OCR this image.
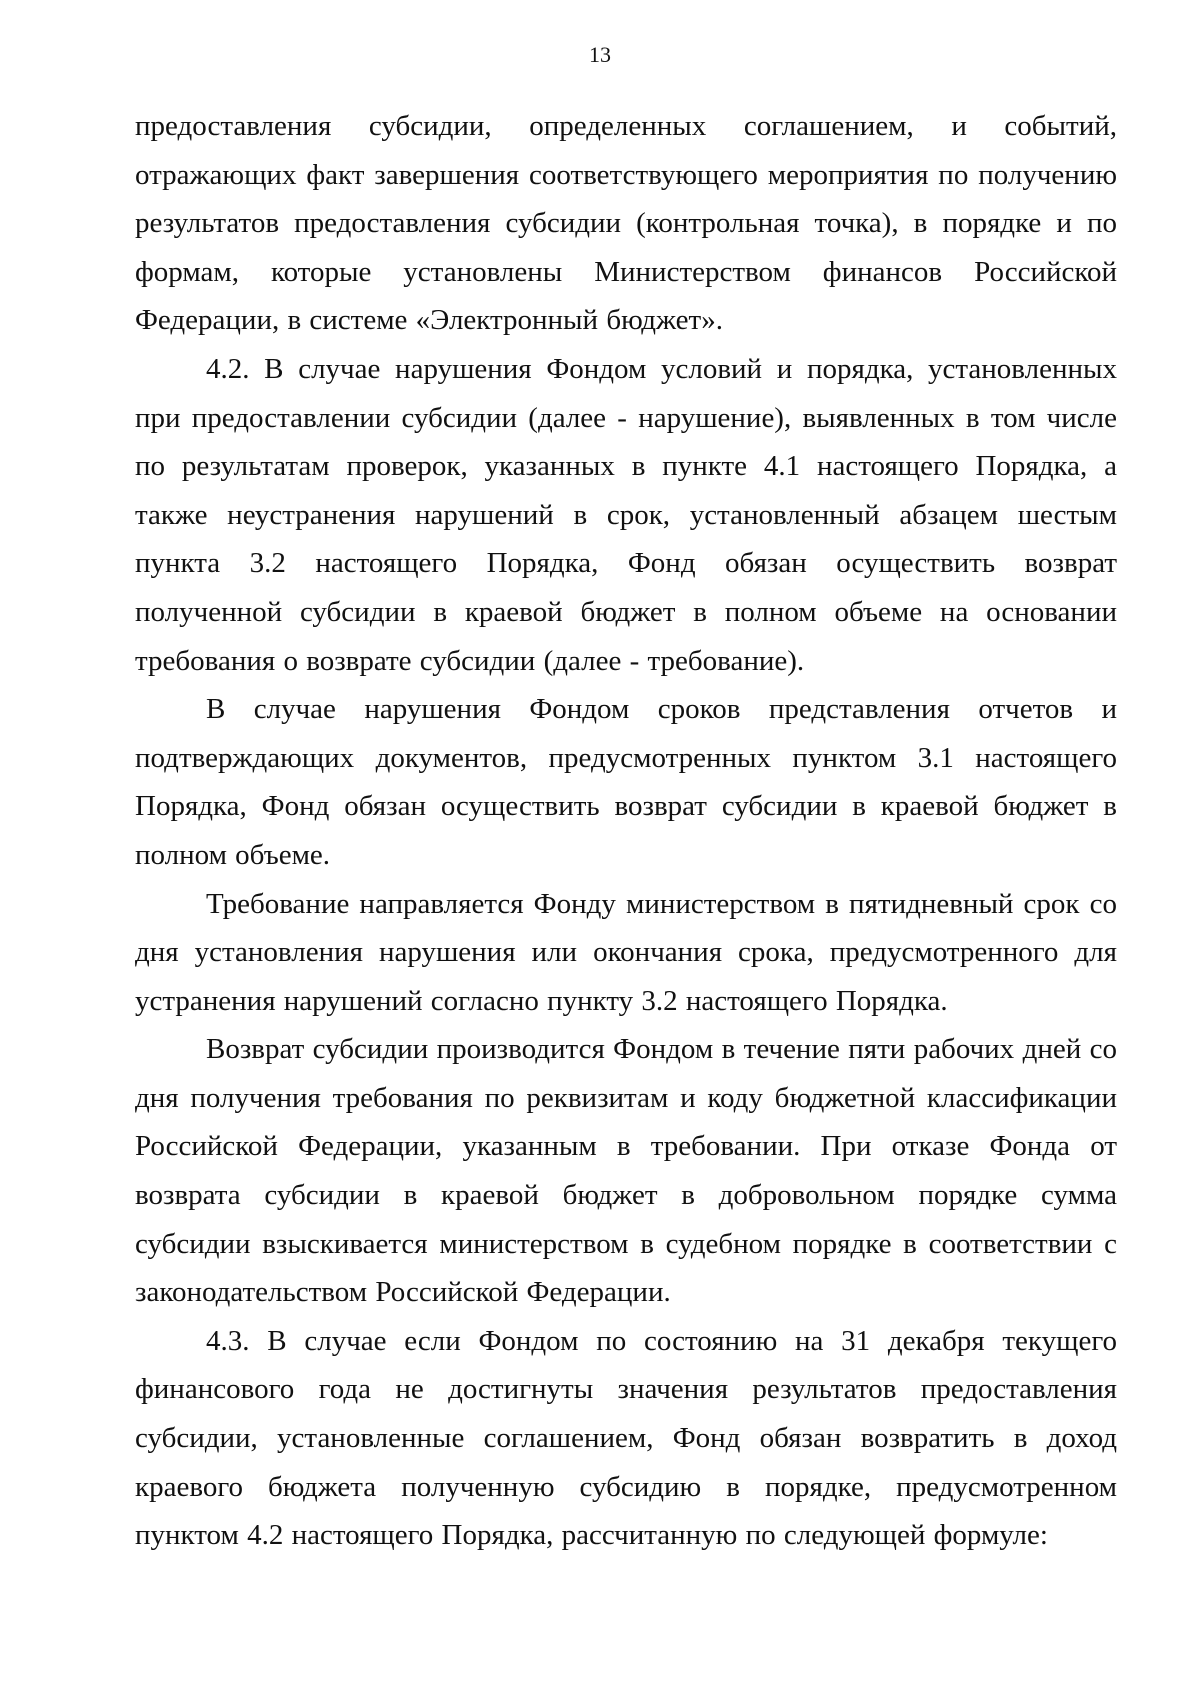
13

предоставления субсидии, определенных соглашением, и событий, отражающих факт завершения соответствующего мероприятия по получению результатов предоставления субсидии (контрольная точка), в порядке и по формам, которые установлены Министерством финансов Российской Федерации, в системе «Электронный бюджет».

4.2. В случае нарушения Фондом условий и порядка, установленных при предоставлении субсидии (далее - нарушение), выявленных в том числе по результатам проверок, указанных в пункте 4.1 настоящего Порядка, а также неустранения нарушений в срок, установленный абзацем шестым пункта 3.2 настоящего Порядка, Фонд обязан осуществить возврат полученной субсидии в краевой бюджет в полном объеме на основании требования о возврате субсидии (далее - требование).

В случае нарушения Фондом сроков представления отчетов и подтверждающих документов, предусмотренных пунктом 3.1 настоящего Порядка, Фонд обязан осуществить возврат субсидии в краевой бюджет в полном объеме.

Требование направляется Фонду министерством в пятидневный срок со дня установления нарушения или окончания срока, предусмотренного для устранения нарушений согласно пункту 3.2 настоящего Порядка.

Возврат субсидии производится Фондом в течение пяти рабочих дней со дня получения требования по реквизитам и коду бюджетной классификации Российской Федерации, указанным в требовании. При отказе Фонда от возврата субсидии в краевой бюджет в добровольном порядке сумма субсидии взыскивается министерством в судебном порядке в соответствии с законодательством Российской Федерации.

4.3. В случае если Фондом по состоянию на 31 декабря текущего финансового года не достигнуты значения результатов предоставления субсидии, установленные соглашением, Фонд обязан возвратить в доход краевого бюджета полученную субсидию в порядке, предусмотренном пунктом 4.2 настоящего Порядка, рассчитанную по следующей формуле:
